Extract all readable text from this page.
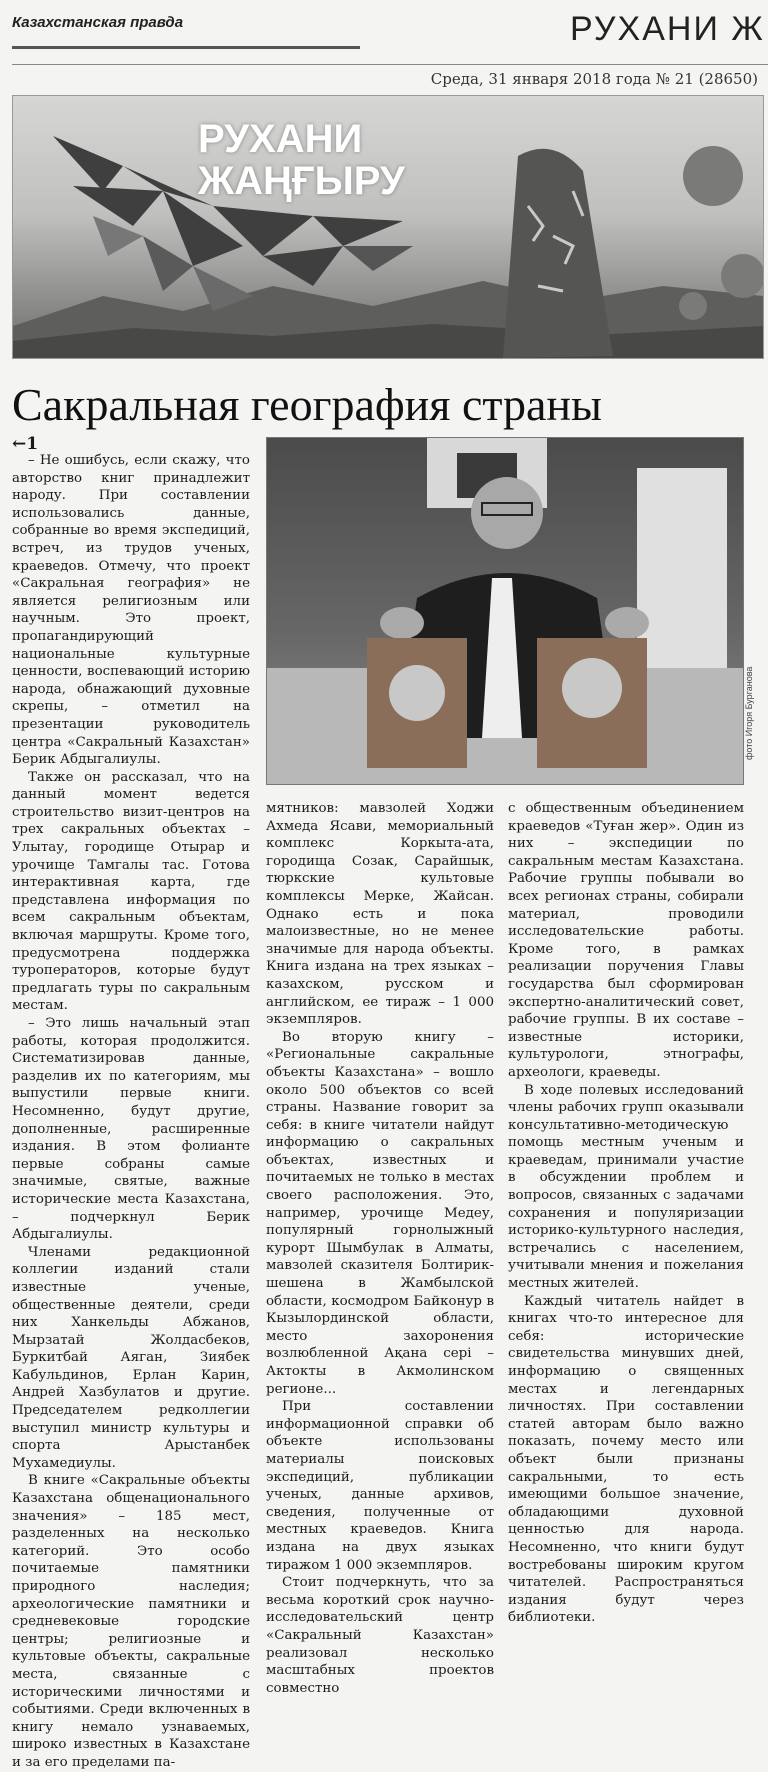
Казахстанская правда	РУХАНИ Ж
Среда, 31 января 2018 года № 21 (28650)
РУХАНИ
ЖАҢҒЫРУ
Сакральная география страны
←1
фото Игоря Бурганова

– Не ошибусь, если скажу, что авторство книг принадлежит народу. При составлении использовались данные, собранные во время экспедиций, встреч, из трудов ученых, краеведов. Отмечу, что проект «Сакральная география» не является религиозным или научным. Это проект, пропагандирующий национальные культурные ценности, воспевающий историю народа, обнажающий духовные скрепы, – отметил на презентации руководитель центра «Сакральный Казахстан» Берик Абдыгалиулы.

Также он рассказал, что на данный момент ведется строительство визит-центров на трех сакральных объектах – Улытау, городище Отырар и урочище Тамгалы тас. Готова интерактивная карта, где представлена информация по всем сакральным объектам, включая маршруты. Кроме того, предусмотрена поддержка туроператоров, которые будут предлагать туры по сакральным местам.

– Это лишь начальный этап работы, которая продолжится. Систематизировав данные, разделив их по категориям, мы выпустили первые книги. Несомненно, будут другие, дополненные, расширенные издания. В этом фолианте первые собраны самые значимые, святые, важные исторические места Казахстана, – подчеркнул Берик Абдыгалиулы.

Членами редакционной коллегии изданий стали известные ученые, общественные деятели, среди них Ханкельды Абжанов, Мырзатай Жолдасбеков, Буркитбай Аяган, Зиябек Кабульдинов, Ерлан Карин, Андрей Хазбулатов и другие. Председателем редколлегии выступил министр культуры и спорта Арыстанбек Мухамедиулы.

В книге «Сакральные объекты Казахстана общенационального значения» – 185 мест, разделенных на несколько категорий. Это особо почитаемые памятники природного наследия; археологические памятники и средневековые городские центры; религиозные и культовые объекты, сакральные места, связанные с историческими личностями и событиями. Среди включенных в книгу немало узнаваемых, широко известных в Казахстане и за его пределами па-

мятников: мавзолей Ходжи Ахмеда Ясави, мемориальный комплекс Коркыта-ата, городища Созак, Сарайшык, тюркские культовые комплексы Мерке, Жайсан. Однако есть и пока малоизвестные, но не менее значимые для народа объекты. Книга издана на трех языках – казахском, русском и английском, ее тираж – 1 000 экземпляров.

Во вторую книгу – «Региональные сакральные объекты Казахстана» – вошло около 500 объектов со всей страны. Название говорит за себя: в книге читатели найдут информацию о сакральных объектах, известных и почитаемых не только в местах своего расположения. Это, например, урочище Медеу, популярный горнолыжный курорт Шымбулак в Алматы, мавзолей сказителя Болтирик-шешена в Жамбылской области, космодром Байконур в Кызылординской области, место захоронения возлюбленной Ақана сері – Актокты в Акмолинском регионе...

При составлении информационной справки об объекте использованы материалы поисковых экспедиций, публикации ученых, данные архивов, сведения, полученные от местных краеведов. Книга издана на двух языках тиражом 1 000 экземпляров.

Стоит подчеркнуть, что за весьма короткий срок научно-исследовательский центр «Сакральный Казахстан» реализовал несколько масштабных проектов совместно

с общественным объединением краеведов «Туған жер». Один из них – экспедиции по сакральным местам Казахстана. Рабочие группы побывали во всех регионах страны, собирали материал, проводили исследовательские работы. Кроме того, в рамках реализации поручения Главы государства был сформирован экспертно-аналитический совет, рабочие группы. В их составе – известные историки, культурологи, этнографы, археологи, краеведы.

В ходе полевых исследований члены рабочих групп оказывали консультативно-методическую помощь местным ученым и краеведам, принимали участие в обсуждении проблем и вопросов, связанных с задачами сохранения и популяризации историко-культурного наследия, встречались с населением, учитывали мнения и пожелания местных жителей.

Каждый читатель найдет в книгах что-то интересное для себя: исторические свидетельства минувших дней, информацию о священных местах и легендарных личностях. При составлении статей авторам было важно показать, почему место или объект были признаны сакральными, то есть имеющими большое значение, обладающими духовной ценностью для народа. Несомненно, что книги будут востребованы широким кругом читателей. Распространяться издания будут через библиотеки.
